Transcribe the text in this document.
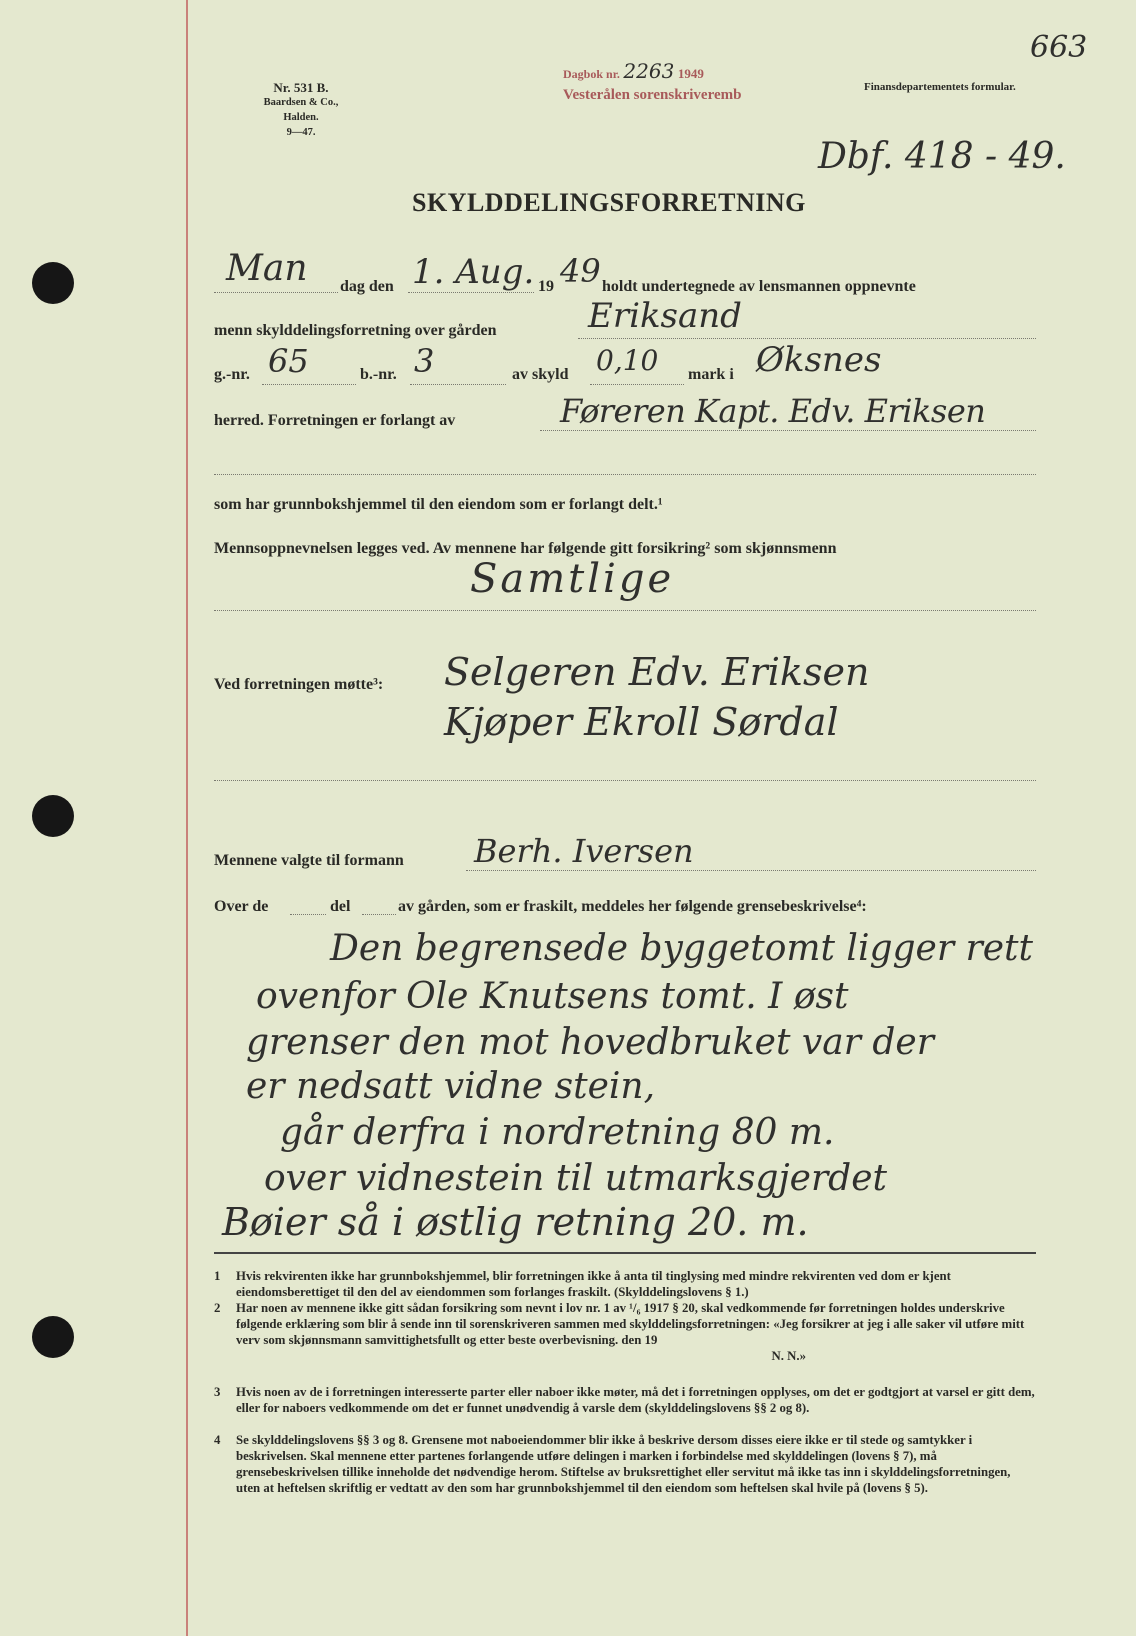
Nr. 531 B.
Baardsen & Co., Halden.
9—47.
Dagbok nr. 2263 1949
Vesterålen sorenskriveremb	Finansdepartementets formular.
663
Dbf. 418 - 49.
SKYLDDELINGSFORRETNING
Man dag den 1. Aug. 19 49 holdt undertegnede av lensmannen oppnevnte
menn skylddelingsforretning over gården	Eriksand
g.-nr. 65	b.-nr. 3	av skyld 0,10 mark i Øksnes
herred. Forretningen er forlangt av	Føreren Kapt. Edv. Eriksen
som har grunnbokshjemmel til den eiendom som er forlangt delt.¹
Mennsoppnevnelsen legges ved. Av mennene har følgende gitt forsikring² som skjønnsmenn
Samtlige
Ved forretningen møtte³: Selgeren Edv. Eriksen
Kjøper Ekroll Sørdal
Mennene valgte til formann Berh. Iversen
Over de	del	av gården, som er fraskilt, meddeles her følgende grensebeskrivelse⁴:
Den begrensede byggetomt ligger rett
ovenfor Ole Knutsens tomt. I øst
grenser den mot hovedbruket var der
er nedsatt vidne stein,
går derfra i nordretning 80 m.
over vidnestein til utmarksgjerdet
Bøier så i østlig retning 20. m.
1	Hvis rekvirenten ikke har grunnbokshjemmel, blir forretningen ikke å anta til tinglysing med mindre rekvirenten ved dom er kjent eiendomsberettiget til den del av eiendommen som forlanges fraskilt. (Skylddelingslovens § 1.)
2	Har noen av mennene ikke gitt sådan forsikring som nevnt i lov nr. 1 av ¹/₆ 1917 § 20, skal vedkommende før forretningen holdes underskrive følgende erklæring som blir å sende inn til sorenskriveren sammen med skylddelingsforretningen: «Jeg forsikrer at jeg i alle saker vil utføre mitt verv som skjønnsmann samvittighetsfullt og etter beste overbevisning. den 19
N. N.»
3	Hvis noen av de i forretningen interesserte parter eller naboer ikke møter, må det i forretningen opplyses, om det er godtgjort at varsel er gitt dem, eller for naboers vedkommende om det er funnet unødvendig å varsle dem (skylddelingslovens §§ 2 og 8).
4	Se skylddelingslovens §§ 3 og 8. Grensene mot naboeiendommer blir ikke å beskrive dersom disses eiere ikke er til stede og samtykker i beskrivelsen. Skal mennene etter partenes forlangende utføre delingen i marken i forbindelse med skylddelingen (lovens § 7), må grensebeskrivelsen tillike inneholde det nødvendige herom. Stiftelse av bruksrettighet eller servitut må ikke tas inn i skylddelingsforretningen, uten at heftelsen skriftlig er vedtatt av den som har grunnbokshjemmel til den eiendom som heftelsen skal hvile på (lovens § 5).
